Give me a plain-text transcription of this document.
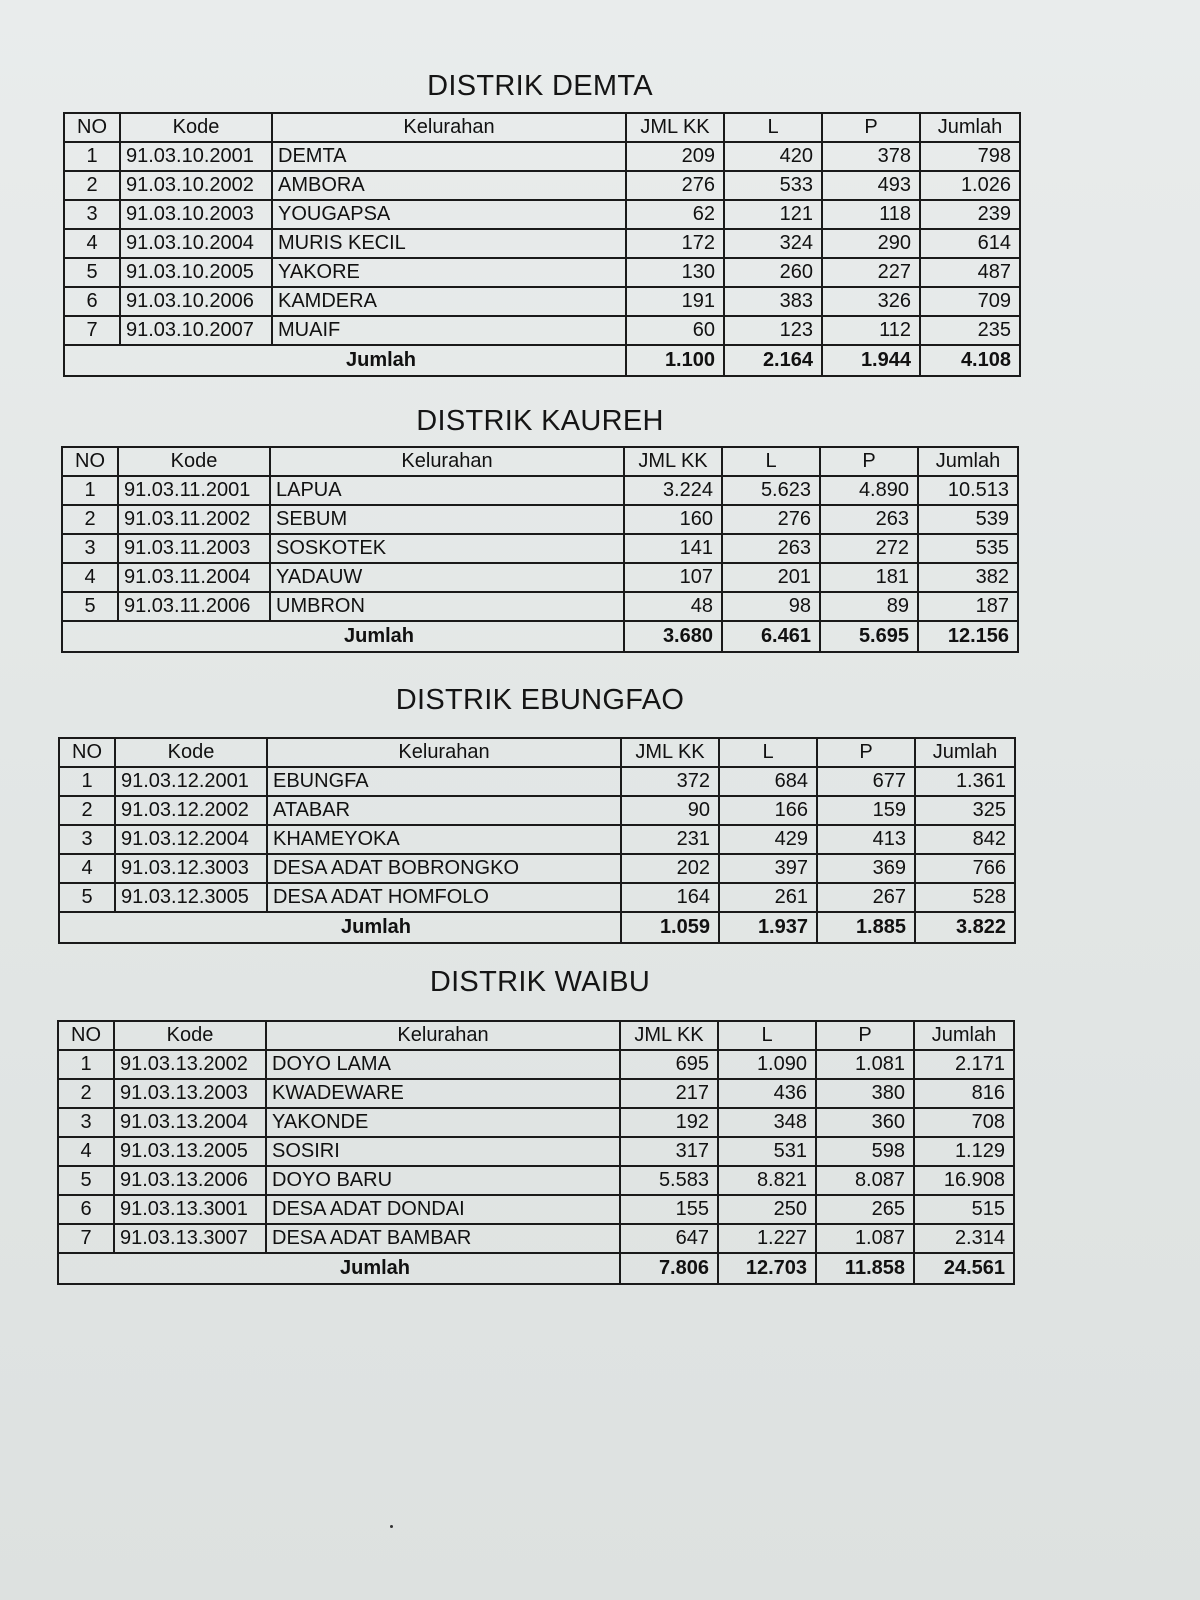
DISTRIK DEMTA
NO	Kode	Kelurahan	JML KK	L	P	Jumlah
1	91.03.10.2001	DEMTA	209	420	378	798
2	91.03.10.2002	AMBORA	276	533	493	1.026
3	91.03.10.2003	YOUGAPSA	62	121	118	239
4	91.03.10.2004	MURIS KECIL	172	324	290	614
5	91.03.10.2005	YAKORE	130	260	227	487
6	91.03.10.2006	KAMDERA	191	383	326	709
7	91.03.10.2007	MUAIF	60	123	112	235
Jumlah			1.100	2.164	1.944	4.108
DISTRIK KAUREH
NO	Kode	Kelurahan	JML KK	L	P	Jumlah
1	91.03.11.2001	LAPUA	3.224	5.623	4.890	10.513
2	91.03.11.2002	SEBUM	160	276	263	539
3	91.03.11.2003	SOSKOTEK	141	263	272	535
4	91.03.11.2004	YADAUW	107	201	181	382
5	91.03.11.2006	UMBRON	48	98	89	187
Jumlah			3.680	6.461	5.695	12.156
DISTRIK EBUNGFAO
NO	Kode	Kelurahan	JML KK	L	P	Jumlah
1	91.03.12.2001	EBUNGFA	372	684	677	1.361
2	91.03.12.2002	ATABAR	90	166	159	325
3	91.03.12.2004	KHAMEYOKA	231	429	413	842
4	91.03.12.3003	DESA ADAT BOBRONGKO	202	397	369	766
5	91.03.12.3005	DESA ADAT HOMFOLO	164	261	267	528
Jumlah			1.059	1.937	1.885	3.822
DISTRIK WAIBU
NO	Kode	Kelurahan	JML KK	L	P	Jumlah
1	91.03.13.2002	DOYO LAMA	695	1.090	1.081	2.171
2	91.03.13.2003	KWADEWARE	217	436	380	816
3	91.03.13.2004	YAKONDE	192	348	360	708
4	91.03.13.2005	SOSIRI	317	531	598	1.129
5	91.03.13.2006	DOYO BARU	5.583	8.821	8.087	16.908
6	91.03.13.3001	DESA ADAT DONDAI	155	250	265	515
7	91.03.13.3007	DESA ADAT BAMBAR	647	1.227	1.087	2.314
Jumlah			7.806	12.703	11.858	24.561
